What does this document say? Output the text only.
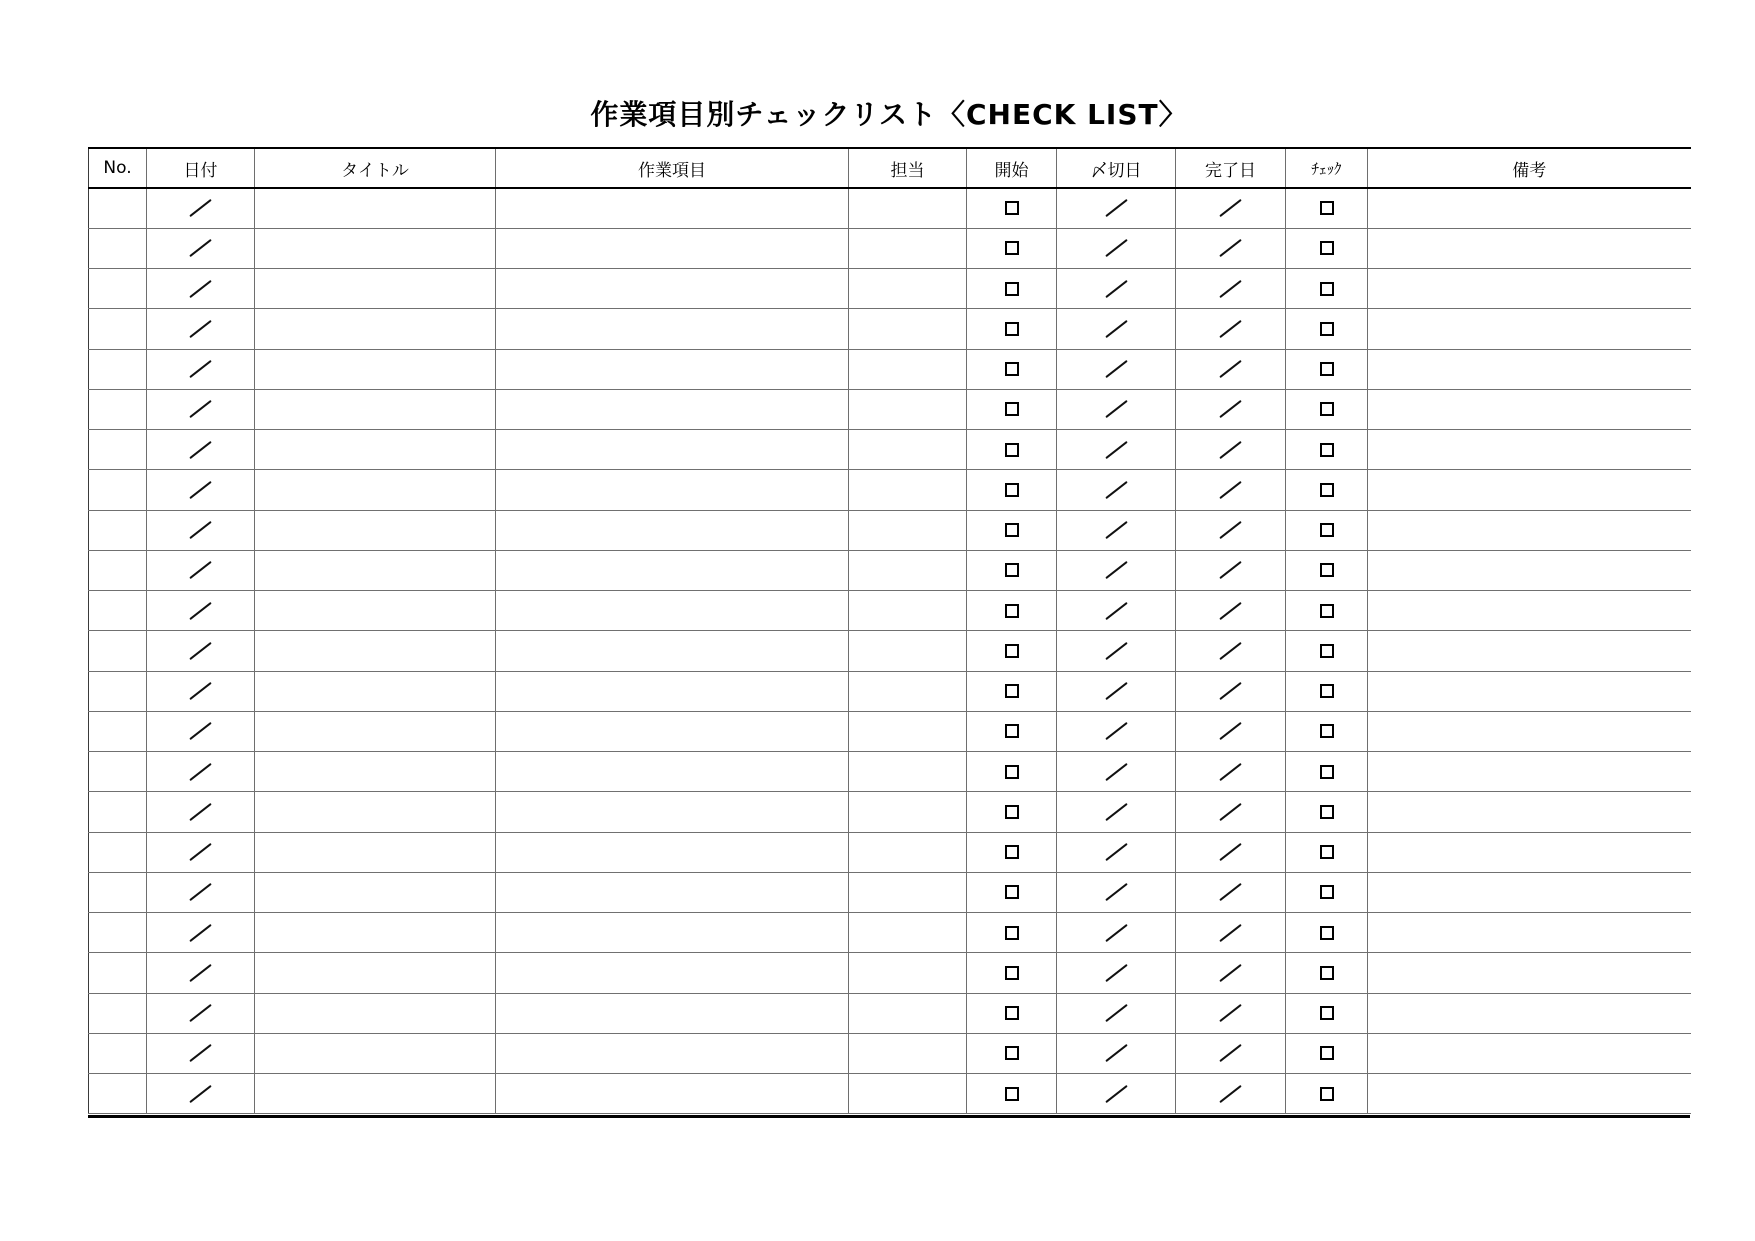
作業項目別チェックリスト〈CHECK LIST〉
No.	日付	タイトル	作業項目	担当	開始	〆切日	完了日	ﾁｪｯｸ	備考
